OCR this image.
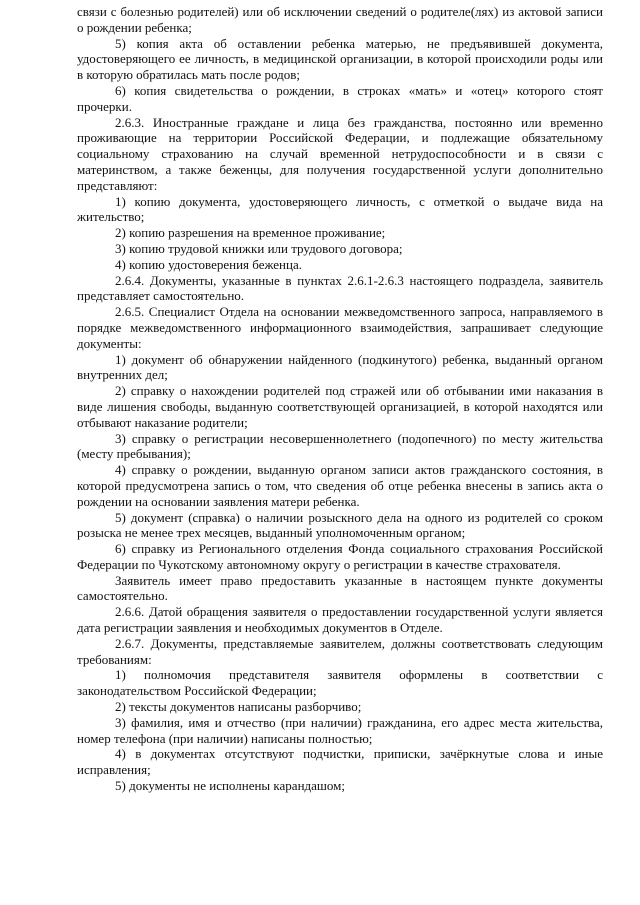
связи с болезнью родителей) или об исключении сведений о родителе(лях) из актовой записи о рождении ребенка;

5) копия акта об оставлении ребенка матерью, не предъявившей документа, удостоверяющего ее личность, в медицинской организации, в которой происходили роды или в которую обратилась мать после родов;

6) копия свидетельства о рождении, в строках «мать» и «отец» которого стоят прочерки.

2.6.3. Иностранные граждане и лица без гражданства, постоянно или временно проживающие на территории Российской Федерации, и подлежащие обязательному социальному страхованию на случай временной нетрудоспособности и в связи с материнством, а также беженцы, для получения государственной услуги дополнительно представляют:

1) копию документа, удостоверяющего личность, с отметкой о выдаче вида на жительство;

2) копию разрешения на временное проживание;

3) копию трудовой книжки или трудового договора;

4) копию удостоверения беженца.

2.6.4. Документы, указанные в пунктах 2.6.1-2.6.3 настоящего подраздела, заявитель представляет самостоятельно.

2.6.5. Специалист Отдела на основании межведомственного запроса, направляемого в порядке межведомственного информационного взаимодействия, запрашивает следующие документы:

1) документ об обнаружении найденного (подкинутого) ребенка, выданный органом внутренних дел;

2) справку о нахождении родителей под стражей или об отбывании ими наказания в виде лишения свободы, выданную соответствующей организацией, в которой находятся или отбывают наказание родители;

3) справку о регистрации несовершеннолетнего (подопечного) по месту жительства (месту пребывания);

4) справку о рождении, выданную органом записи актов гражданского состояния, в которой предусмотрена запись о том, что сведения об отце ребенка внесены в запись акта о рождении на основании заявления матери ребенка.

5) документ (справка) о наличии розыскного дела на одного из родителей со сроком розыска не менее трех месяцев, выданный уполномоченным органом;

6) справку из Регионального отделения Фонда социального страхования Российской Федерации по Чукотскому автономному округу о регистрации в качестве страхователя.

Заявитель имеет право предоставить указанные в настоящем пункте документы самостоятельно.

2.6.6. Датой обращения заявителя о предоставлении государственной услуги является дата регистрации заявления и необходимых документов в Отделе.

2.6.7. Документы, представляемые заявителем, должны соответствовать следующим требованиям:

1) полномочия представителя заявителя оформлены в соответствии с законодательством Российской Федерации;

2) тексты документов написаны разборчиво;

3) фамилия, имя и отчество (при наличии) гражданина, его адрес места жительства, номер телефона (при наличии) написаны полностью;

4) в документах отсутствуют подчистки, приписки, зачёркнутые слова и иные исправления;

5) документы не исполнены карандашом;
